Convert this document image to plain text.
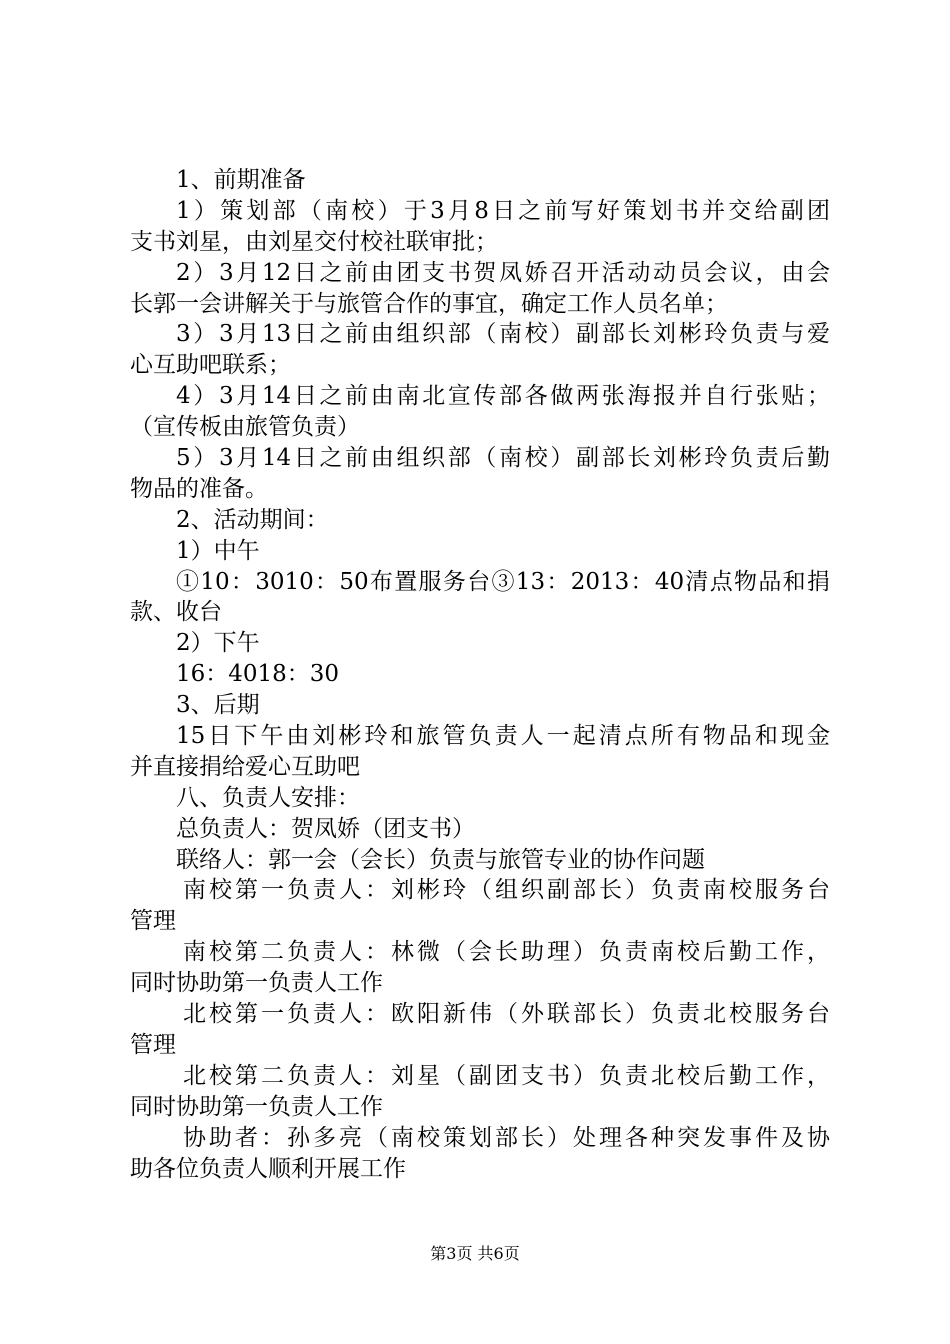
1、前期准备
1）策划部（南校）于3月8日之前写好策划书并交给副团
支书刘星，由刘星交付校社联审批；
2）3月12日之前由团支书贺凤娇召开活动动员会议，由会
长郭一会讲解关于与旅管合作的事宜，确定工作人员名单；
3）3月13日之前由组织部（南校）副部长刘彬玲负责与爱
心互助吧联系；
4）3月14日之前由南北宣传部各做两张海报并自行张贴；
（宣传板由旅管负责）
5）3月14日之前由组织部（南校）副部长刘彬玲负责后勤
物品的准备。
2、活动期间：
1）中午
①10：3010：50布置服务台③13：2013：40清点物品和捐
款、收台
2）下午
16：4018：30
3、后期
15日下午由刘彬玲和旅管负责人一起清点所有物品和现金
并直接捐给爱心互助吧
八、负责人安排：
总负责人：贺凤娇（团支书）
联络人：郭一会（会长）负责与旅管专业的协作问题
南校第一负责人：刘彬玲（组织副部长）负责南校服务台
管理
南校第二负责人：林微（会长助理）负责南校后勤工作，
同时协助第一负责人工作
北校第一负责人：欧阳新伟（外联部长）负责北校服务台
管理
北校第二负责人：刘星（副团支书）负责北校后勤工作，
同时协助第一负责人工作
协助者：孙多亮（南校策划部长）处理各种突发事件及协
助各位负责人顺利开展工作
第3页 共6页
